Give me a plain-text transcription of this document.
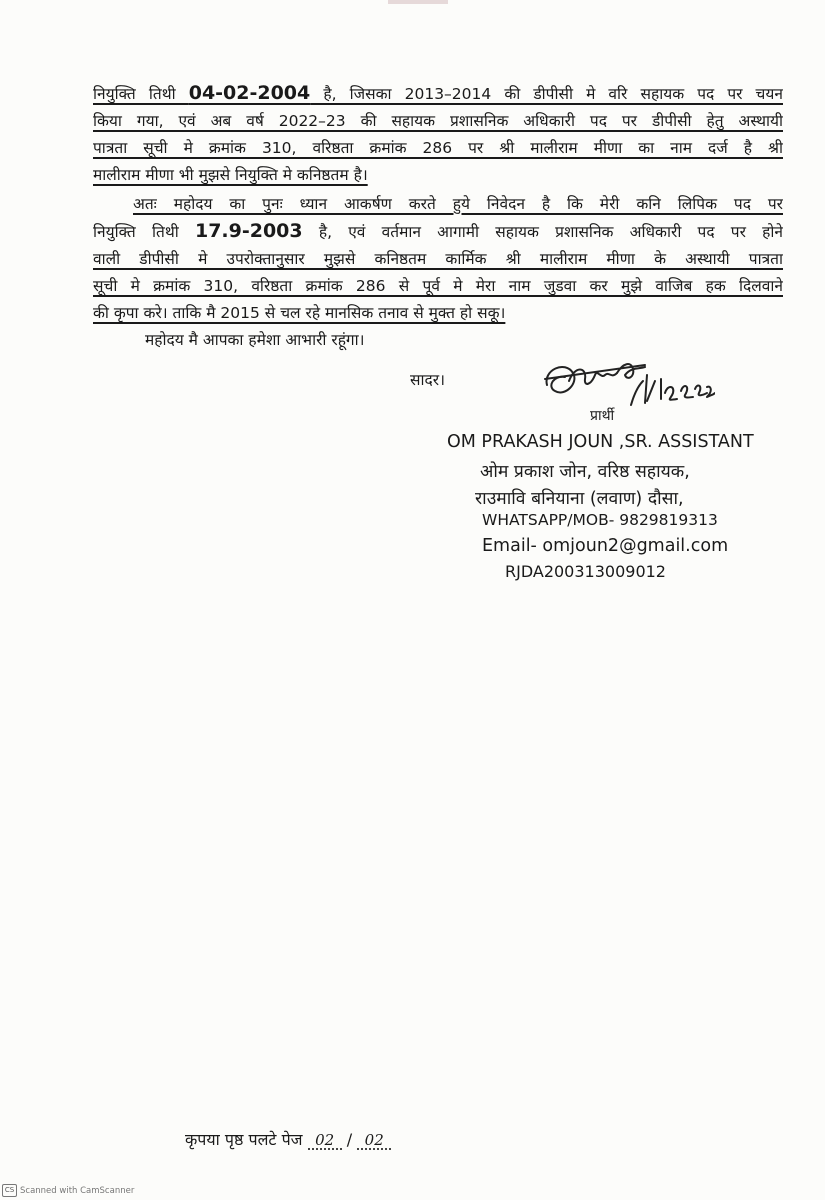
नियुक्ति तिथी 04-02-2004 है, जिसका 2013–2014 की डीपीसी मे वरि सहायक पद पर चयन
किया गया, एवं अब वर्ष 2022–23 की सहायक प्रशासनिक अधिकारी पद पर डीपीसी हेतु अस्थायी
पात्रता सूची मे क्रमांक 310, वरिष्ठता क्रमांक 286 पर श्री मालीराम मीणा का नाम दर्ज है श्री
मालीराम मीणा भी मुझसे नियुक्ति मे कनिष्ठतम है।
अतः महोदय का पुनः ध्यान आकर्षण करते हुये निवेदन है कि मेरी कनि लिपिक पद पर
नियुक्ति तिथी 17.9-2003 है, एवं वर्तमान आगामी सहायक प्रशासनिक अधिकारी पद पर होने
वाली डीपीसी मे उपरोक्तानुसार मुझसे कनिष्ठतम कार्मिक श्री मालीराम मीणा के अस्थायी पात्रता
सूची मे क्रमांक 310, वरिष्ठता क्रमांक 286 से पूर्व मे मेरा नाम जुडवा कर मुझे वाजिब हक दिलवाने
की कृपा करे। ताकि मै 2015 से चल रहे मानसिक तनाव से मुक्त हो सकू।
महोदय मै आपका हमेशा आभारी रहूंगा।
सादर।
प्रार्थी
OM PRAKASH JOUN ,SR. ASSISTANT
ओम प्रकाश जोन, वरिष्ठ सहायक,
राउमावि बनियाना (लवाण) दौसा,
WHATSAPP/MOB- 9829819313
Email- omjoun2@gmail.com
RJDA200313009012
कृपया पृष्ठ पलटे पेज 02 / 02
CS Scanned with CamScanner
